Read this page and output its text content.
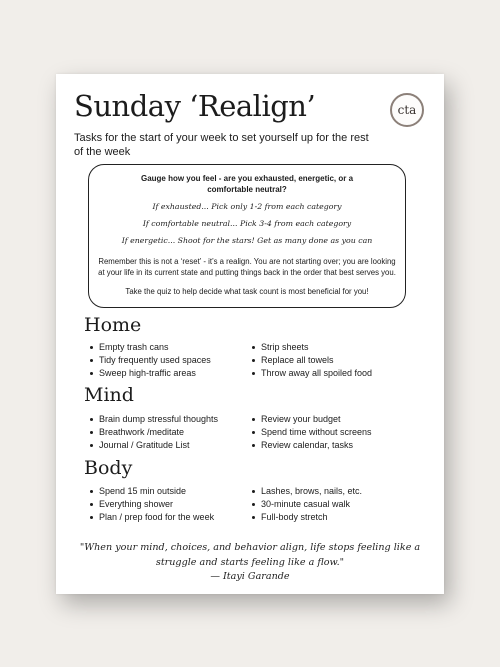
Sunday ‘Realign’	cta

Tasks for the start of your week to set yourself up for the rest of the week

Gauge how you feel - are you exhausted, energetic, or a comfortable neutral?

If exhausted... Pick only 1-2 from each category

If comfortable neutral... Pick 3-4 from each category

If energetic... Shoot for the stars! Get as many done as you can

Remember this is not a ‘reset’ - it’s a realign. You are not starting over; you are looking at your life in its current state and putting things back in the order that best serves you.

Take the quiz to help decide what task count is most beneficial for you!

Home
Empty trash cans
Tidy frequently used spaces
Sweep high-traffic areas
Strip sheets
Replace all towels
Throw away all spoiled food
Mind
Brain dump stressful thoughts
Breathwork /meditate
Journal / Gratitude List
Review your budget
Spend time without screens
Review calendar, tasks
Body
Spend 15 min outside
Everything shower
Plan / prep food for the week
Lashes, brows, nails, etc.
30-minute casual walk
Full-body stretch

"When your mind, choices, and behavior align, life stops feeling like a struggle and starts feeling like a flow."

— Itayi Garande
